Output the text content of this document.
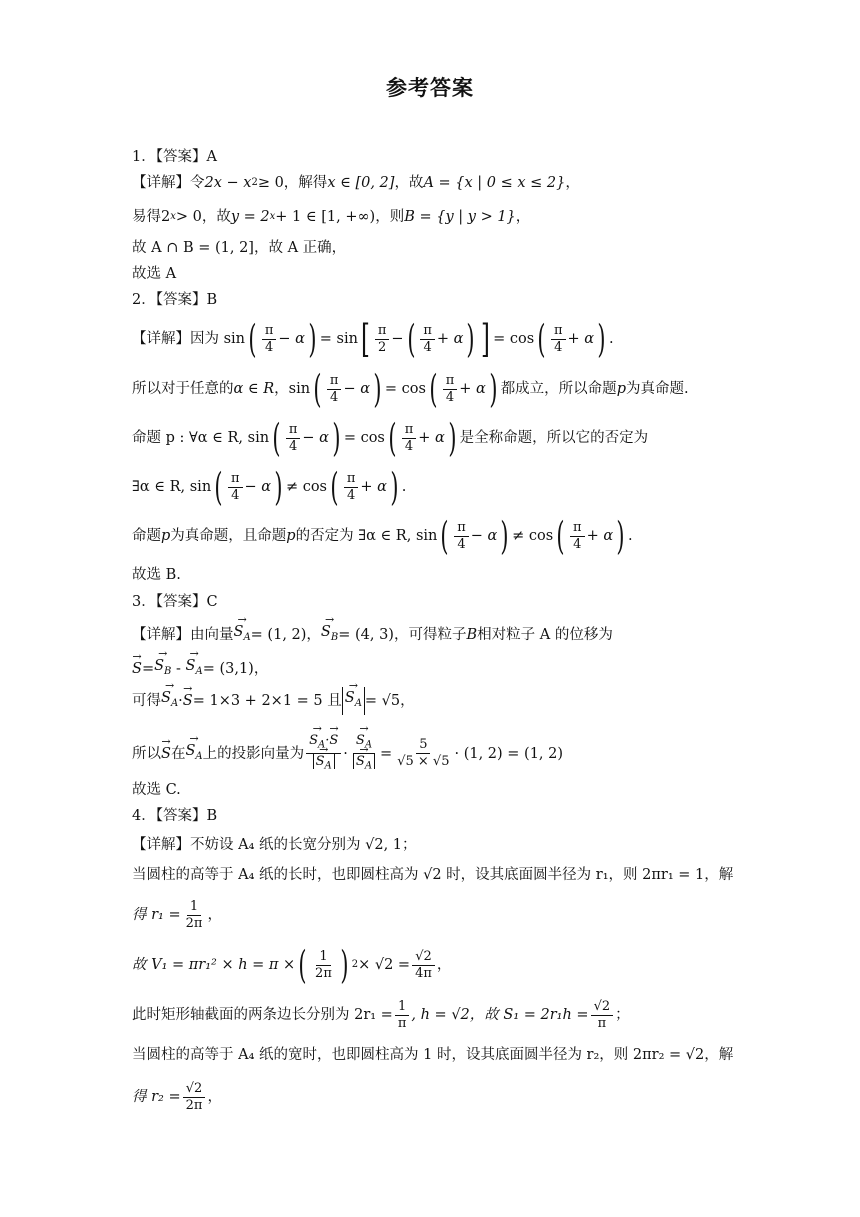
参考答案
1．【答案】A
【详解】令 2x − x 2 ≥ 0，解得 x ∈ [0, 2] ，故 A = {x | 0 ≤ x ≤ 2} ，
易得 2 x > 0，故 y = 2 x + 1 ∈ [1, +∞) ，则 B = {y | y > 1} ，
故 A ∩ B = (1, 2]，故 A 正确，
故选 A
2．【答案】B
【详解】因为 sin ( $\frac{\pi}{4} - \alpha$ ) = sin [ $\frac{\pi}{2}$ − ( $\frac{\pi}{4} + \alpha$ ) ] = cos ( $\frac{\pi}{4} + \alpha$ ) .
所以对于任意的 α ∈ R ， sin ( $\frac{\pi}{4} - \alpha$ ) = cos ( $\frac{\pi}{4} + \alpha$ ) 都成立，所以命题 p 为真命题.
命题 p : ∀α ∈ R, sin ( $\frac{\pi}{4} - \alpha$ ) = cos ( $\frac{\pi}{4} + \alpha$ ) 是全称命题，所以它的否定为
∃α ∈ R, sin ( $\frac{\pi}{4} - \alpha$ ) ≠ cos ( $\frac{\pi}{4} + \alpha$ ) .
命题 p 为真命题，且命题 p 的否定为 ∃α ∈ R, sin ( $\frac{\pi}{4} - \alpha$ ) ≠ cos ( $\frac{\pi}{4} + \alpha$ ) .
故选 B.
3．【答案】C
【详解】由向量 → $S_A = (1$, 2)， → $S_B = (4$, 3)，可得粒子 B 相对粒子 A 的位移为
→ S = → $S_B$ - → $S_A = (3,1)$，
可得 → $S_A$ · → S = 1×3 + 2×1 = 5 且 → $S_A = √5$，
所以 → S 在 → $S_A$ 上的投影向量为 → $S_A\cdot\to S$
→ $S_A$ · → $S_A$
→ $S_A = \frac{5}{√5 \times √5} \cdot (1$, 2) = (1, 2)
故选 C.
4．【答案】B
【详解】不妨设 A₄ 纸的长宽分别为 √2, 1；
当圆柱的高等于 A₄ 纸的长时，也即圆柱高为 √2 时，设其底面圆半径为 r₁，则 2πr₁ = 1，解
得 $r_1 = \frac{1}{2\pi}$ ，
故 V₁ = πr₁² × h = π × ( $\frac{1}{2\pi}$ ) $2 \times √2 = \frac{√2}{4\pi}$ ，
此时矩形轴截面的两条边长分别为 $2r_1 = \frac{1}{\pi}$ , h = √2，故 $S_1 = 2r_1h = \frac{√2}{\pi}$ ；
当圆柱的高等于 A₄ 纸的宽时，也即圆柱高为 1 时，设其底面圆半径为 r₂，则 2πr₂ = √2，解
得 $r_2 = \frac{√2}{2\pi}$ ，
